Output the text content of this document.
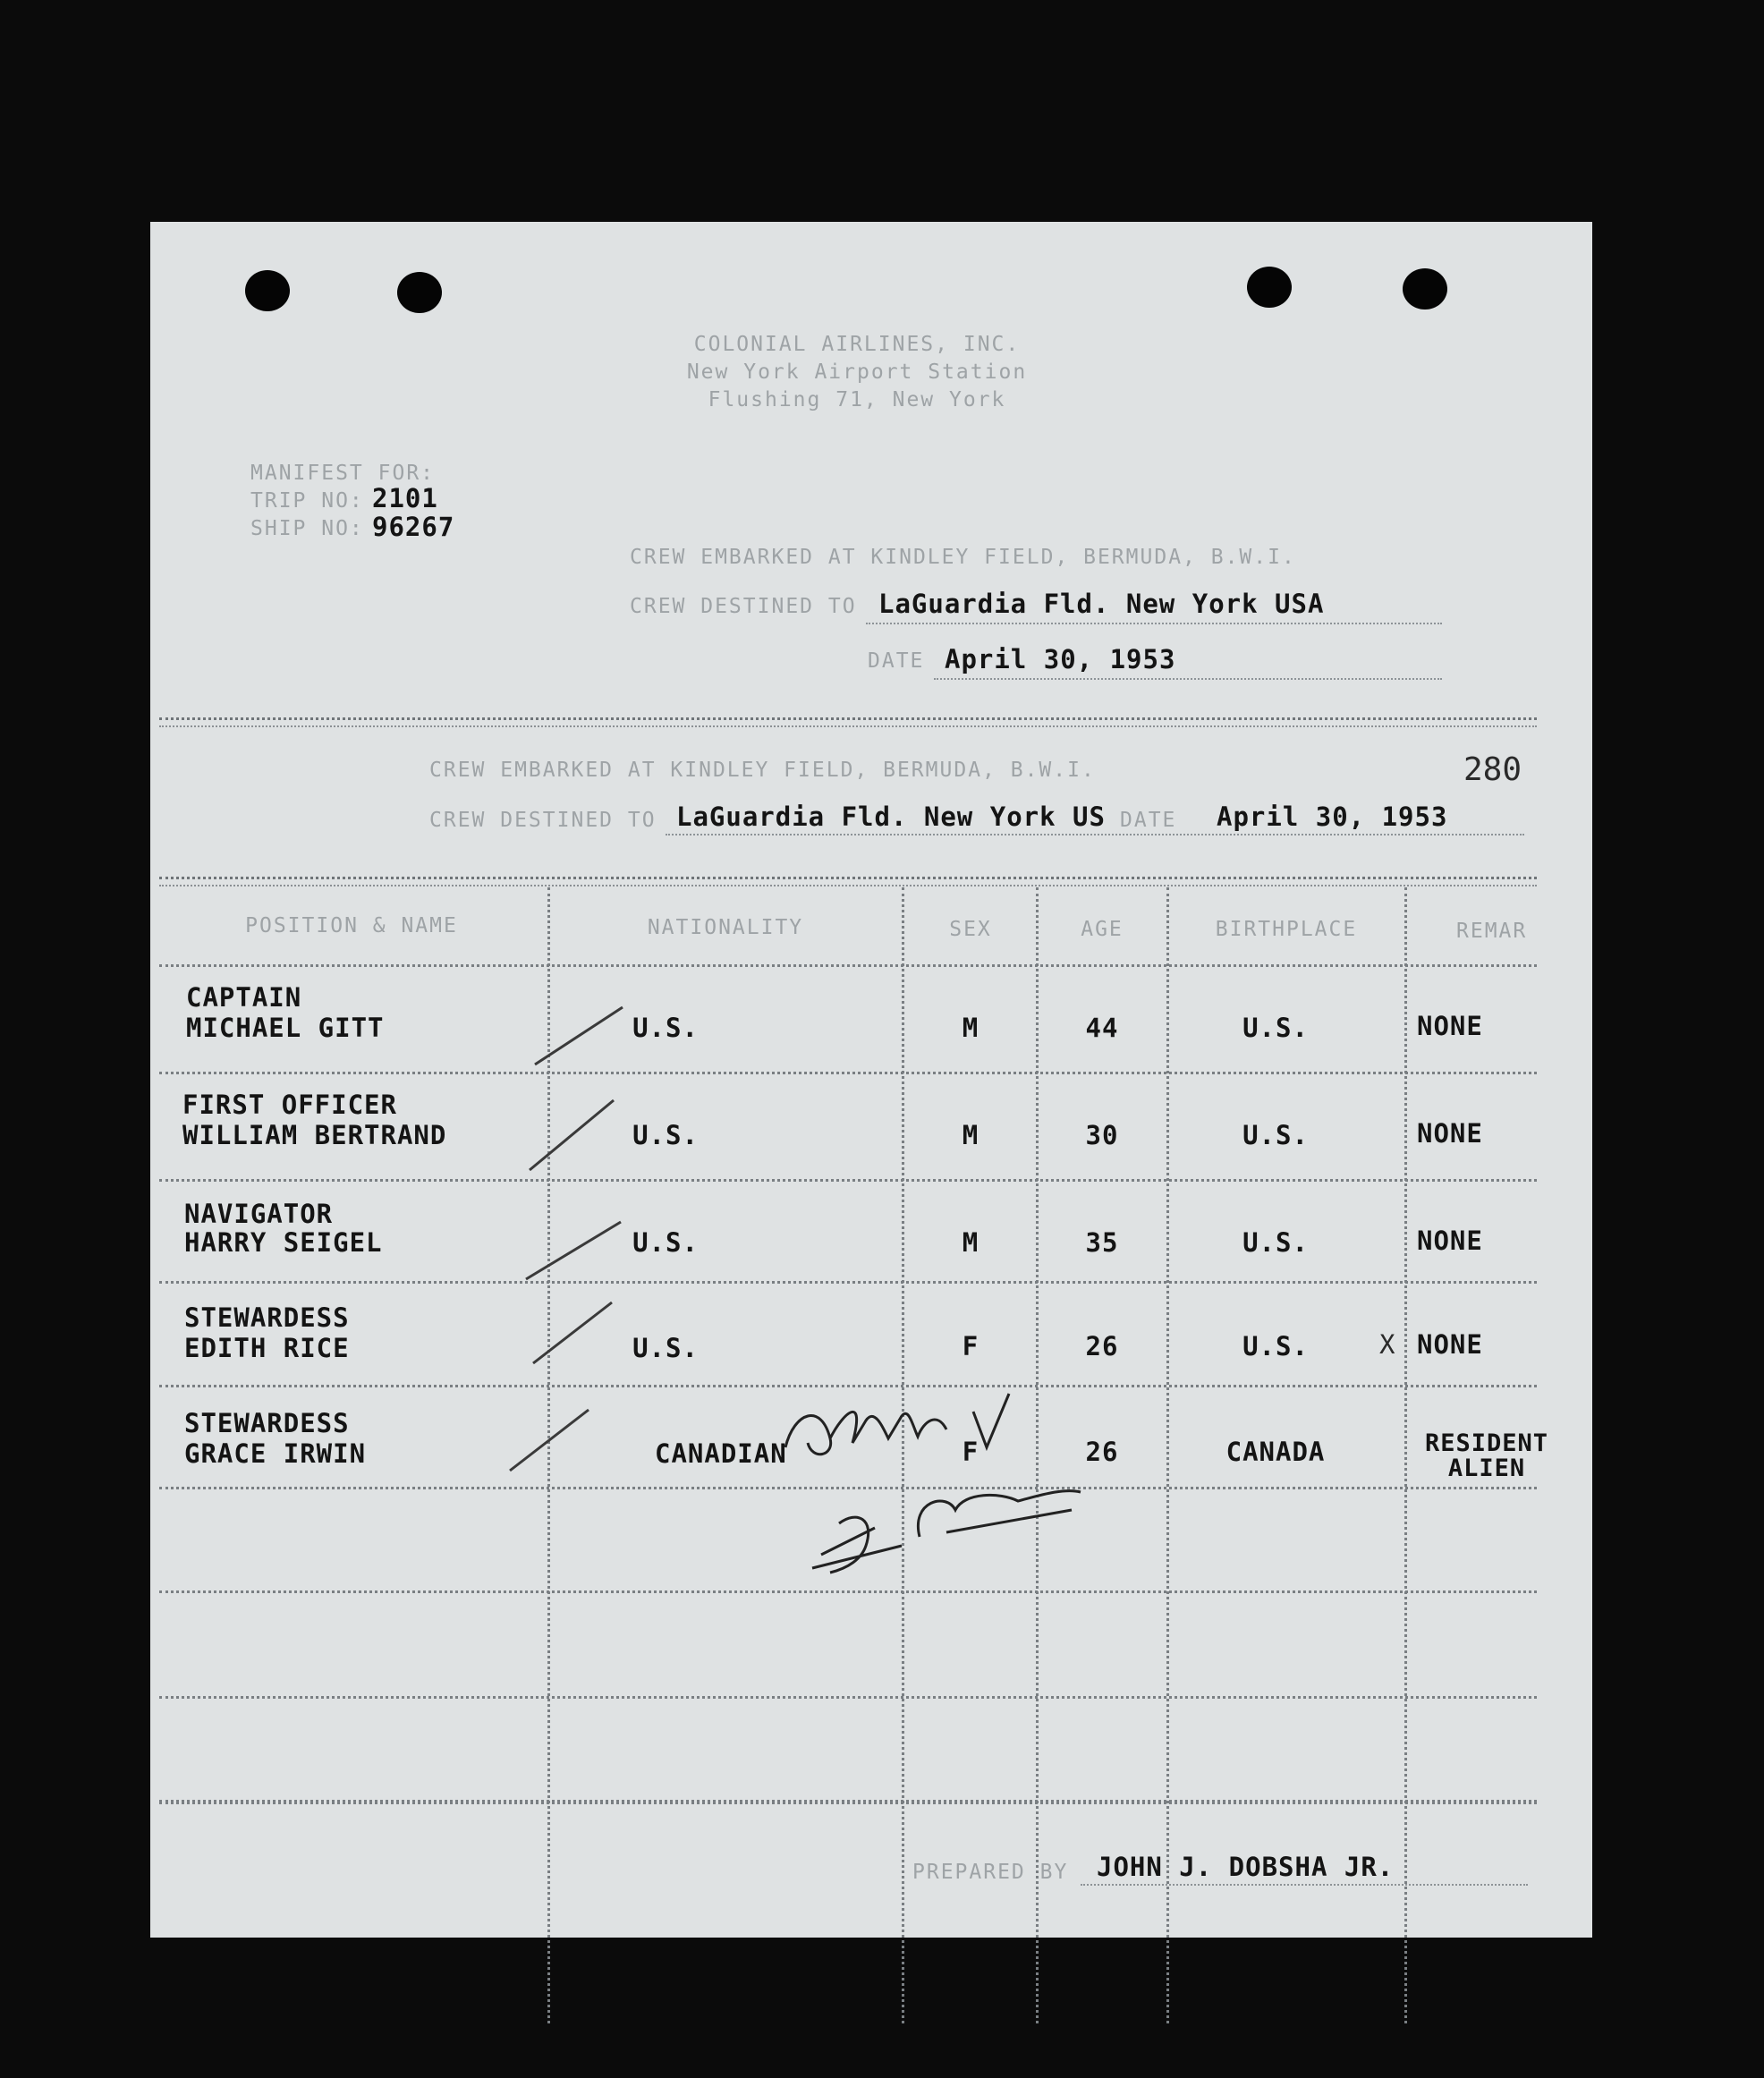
COLONIAL AIRLINES, INC.
New York Airport Station
Flushing 71, New York
MANIFEST FOR:
TRIP NO: 2101
SHIP NO: 96267
CREW EMBARKED AT KINDLEY FIELD, BERMUDA, B.W.I.
CREW DESTINED TO LaGuardia Fld. New York USA
DATE April 30, 1953
CREW EMBARKED AT KINDLEY FIELD, BERMUDA, B.W.I.	280
CREW DESTINED TO LaGuardia Fld. New York US DATE April 30, 1953
POSITION & NAME	NATIONALITY	SEX	AGE	BIRTHPLACE	REMAR
CAPTAIN
MICHAEL GITT	U.S.	M	44	U.S.	NONE
FIRST OFFICER
WILLIAM BERTRAND	U.S.	M	30	U.S.	NONE
NAVIGATOR
HARRY SEIGEL	U.S.	M	35	U.S.	NONE
STEWARDESS
EDITH RICE	U.S.	F	26	U.S.	X NONE
STEWARDESS
GRACE IRWIN	CANADIAN	F	26	CANADA	RESIDENT ALIEN
PREPARED BY JOHN J. DOBSHA JR.
